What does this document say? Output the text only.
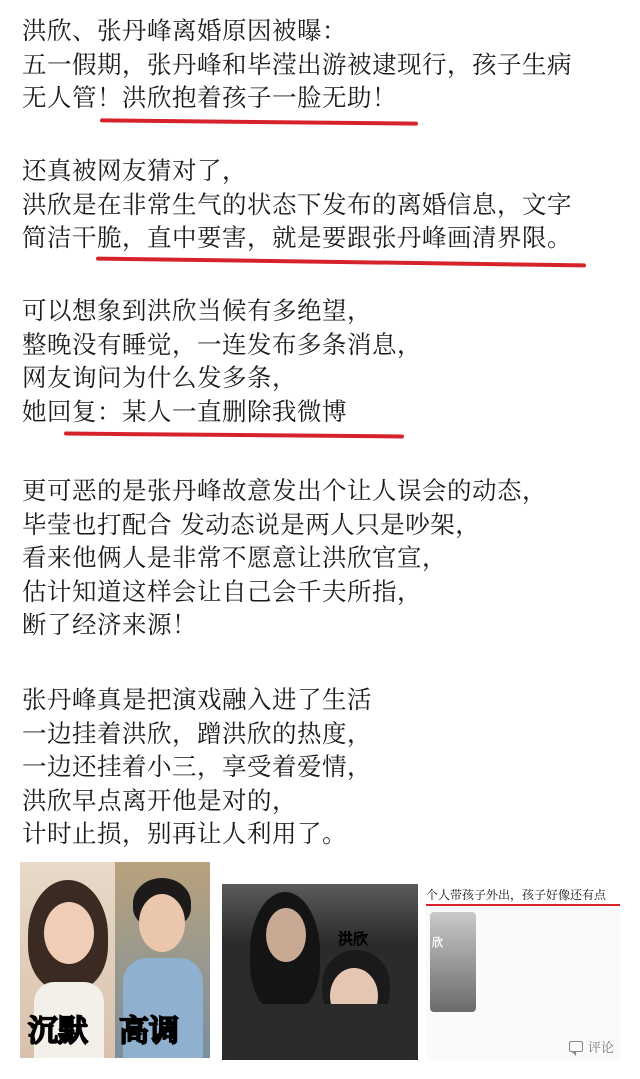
洪欣、张丹峰离婚原因被曝：
五一假期，张丹峰和毕滢出游被逮现行，孩子生病
无人管！洪欣抱着孩子一脸无助！
还真被网友猜对了，
洪欣是在非常生气的状态下发布的离婚信息，文字
简洁干脆，直中要害，就是要跟张丹峰画清界限。
可以想象到洪欣当候有多绝望，
整晚没有睡觉，一连发布多条消息，
网友询问为什么发多条，
她回复：某人一直删除我微博
更可恶的是张丹峰故意发出个让人误会的动态，
毕莹也打配合 发动态说是两人只是吵架，
看来他俩人是非常不愿意让洪欣官宣，
估计知道这样会让自己会千夫所指，
断了经济来源！
张丹峰真是把演戏融入进了生活
一边挂着洪欣，蹭洪欣的热度，
一边还挂着小三，享受着爱情，
洪欣早点离开他是对的，
计时止损，别再让人利用了。
沉默 高调
洪欣
个人带孩子外出，孩子好像还有点
欣
评论
